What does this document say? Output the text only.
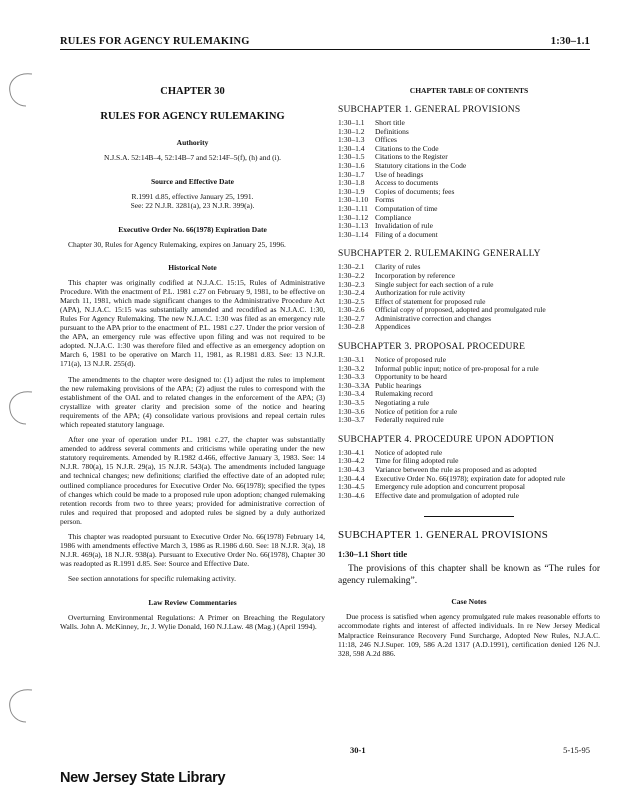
RULES FOR AGENCY RULEMAKING	1:30–1.1
CHAPTER 30
RULES FOR AGENCY RULEMAKING
Authority
N.J.S.A. 52:14B–4, 52:14B–7 and 52:14F–5(f), (h) and (i).
Source and Effective Date
R.1991 d.85, effective January 25, 1991.
See: 22 N.J.R. 3281(a), 23 N.J.R. 399(a).
Executive Order No. 66(1978) Expiration Date
Chapter 30, Rules for Agency Rulemaking, expires on January 25, 1996.
Historical Note
This chapter was originally codified at N.J.A.C. 15:15, Rules of Administrative Procedure. With the enactment of P.L. 1981 c.27 on February 9, 1981, to be effective on March 11, 1981, which made significant changes to the Administrative Procedure Act (APA), N.J.A.C. 15:15 was substantially amended and recodified as N.J.A.C. 1:30, Rules For Agency Rulemaking. The new N.J.A.C. 1:30 was filed as an emergency rule pursuant to the APA prior to the enactment of P.L. 1981 c.27. Under the prior version of the APA, an emergency rule was effective upon filing and was not required to be adopted. N.J.A.C. 1:30 was therefore filed and effective as an emergency adoption on March 6, 1981 to be operative on March 11, 1981, as R.1981 d.83. See: 13 N.J.R. 171(a), 13 N.J.R. 255(d).
The amendments to the chapter were designed to: (1) adjust the rules to implement the new rulemaking provisions of the APA; (2) adjust the rules to correspond with the establishment of the OAL and to related changes in the enforcement of the APA; (3) crystallize with greater clarity and precision some of the notice and hearing requirements of the APA; (4) consolidate various provisions and repeal certain rules which repeated statutory language.
After one year of operation under P.L. 1981 c.27, the chapter was substantially amended to address several comments and criticisms while operating under the new statutory requirements. Amended by R.1982 d.466, effective January 3, 1983. See: 14 N.J.R. 780(a), 15 N.J.R. 29(a), 15 N.J.R. 543(a). The amendments included language and technical changes; new definitions; clarified the effective date of an adopted rule; outlined compliance procedures for Executive Order No. 66(1978); specified the types of changes which could be made to a proposed rule upon adoption; changed rulemaking retention records from two to three years; provided for administrative correction of rules and required that proposed and adopted rules be signed by a duly authorized person.
This chapter was readopted pursuant to Executive Order No. 66(1978) February 14, 1986 with amendments effective March 3, 1986 as R.1986 d.60. See: 18 N.J.R. 3(a), 18 N.J.R. 469(a), 18 N.J.R. 938(a). Pursuant to Executive Order No. 66(1978), Chapter 30 was readopted as R.1991 d.85. See: Source and Effective Date.
See section annotations for specific rulemaking activity.
Law Review Commentaries
Overturning Environmental Regulations: A Primer on Breaching the Regulatory Walls. John A. McKinney, Jr., J. Wylie Donald, 160 N.J.Law. 48 (Mag.) (April 1994).
CHAPTER TABLE OF CONTENTS
SUBCHAPTER 1. GENERAL PROVISIONS
1:30–1.1	Short title
1:30–1.2	Definitions
1:30–1.3	Offices
1:30–1.4	Citations to the Code
1:30–1.5	Citations to the Register
1:30–1.6	Statutory citations in the Code
1:30–1.7	Use of headings
1:30–1.8	Access to documents
1:30–1.9	Copies of documents; fees
1:30–1.10 Forms
1:30–1.11 Computation of time
1:30–1.12 Compliance
1:30–1.13 Invalidation of rule
1:30–1.14 Filing of a document
SUBCHAPTER 2. RULEMAKING GENERALLY
1:30–2.1	Clarity of rules
1:30–2.2	Incorporation by reference
1:30–2.3	Single subject for each section of a rule
1:30–2.4	Authorization for rule activity
1:30–2.5	Effect of statement for proposed rule
1:30–2.6	Official copy of proposed, adopted and promulgated rule
1:30–2.7	Administrative correction and changes
1:30–2.8	Appendices
SUBCHAPTER 3. PROPOSAL PROCEDURE
1:30–3.1	Notice of proposed rule
1:30–3.2	Informal public input; notice of pre-proposal for a rule
1:30–3.3	Opportunity to be heard
1:30–3.3A Public hearings
1:30–3.4	Rulemaking record
1:30–3.5	Negotiating a rule
1:30–3.6	Notice of petition for a rule
1:30–3.7	Federally required rule
SUBCHAPTER 4. PROCEDURE UPON ADOPTION
1:30–4.1	Notice of adopted rule
1:30–4.2	Time for filing adopted rule
1:30–4.3	Variance between the rule as proposed and as adopted
1:30–4.4	Executive Order No. 66(1978); expiration date for adopted rule
1:30–4.5	Emergency rule adoption and concurrent proposal
1:30–4.6	Effective date and promulgation of adopted rule
SUBCHAPTER 1. GENERAL PROVISIONS
1:30–1.1 Short title
The provisions of this chapter shall be known as “The rules for agency rulemaking”.
Case Notes
Due process is satisfied when agency promulgated rule makes reasonable efforts to accommodate rights and interest of affected individuals. In re New Jersey Medical Malpractice Reinsurance Recovery Fund Surcharge, Adopted New Rules, N.J.A.C. 11:18, 246 N.J.Super. 109, 586 A.2d 1317 (A.D.1991), certification denied 126 N.J. 328, 598 A.2d 886.
30-1	5-15-95
New Jersey State Library
